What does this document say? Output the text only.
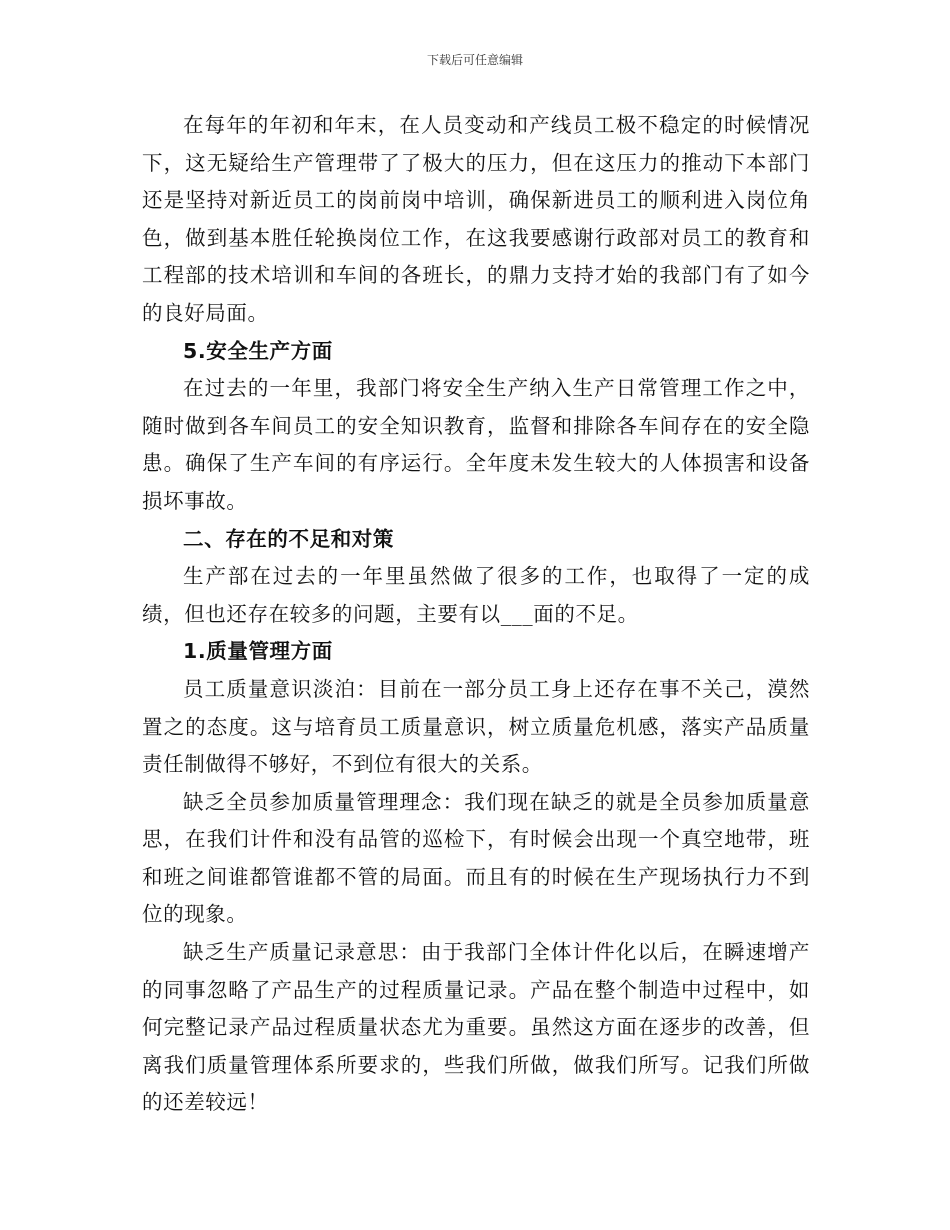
下载后可任意编辑

在每年的年初和年末，在人员变动和产线员工极不稳定的时候情况下，这无疑给生产管理带了了极大的压力，但在这压力的推动下本部门还是坚持对新近员工的岗前岗中培训，确保新进员工的顺利进入岗位角色，做到基本胜任轮换岗位工作，在这我要感谢行政部对员工的教育和工程部的技术培训和车间的各班长，的鼎力支持才始的我部门有了如今的良好局面。

5.安全生产方面

在过去的一年里，我部门将安全生产纳入生产日常管理工作之中，随时做到各车间员工的安全知识教育，监督和排除各车间存在的安全隐患。确保了生产车间的有序运行。全年度未发生较大的人体损害和设备损坏事故。

二、存在的不足和对策

生产部在过去的一年里虽然做了很多的工作，也取得了一定的成绩，但也还存在较多的问题，主要有以___面的不足。

1.质量管理方面

员工质量意识淡泊：目前在一部分员工身上还存在事不关己，漠然置之的态度。这与培育员工质量意识，树立质量危机感，落实产品质量责任制做得不够好，不到位有很大的关系。

缺乏全员参加质量管理理念：我们现在缺乏的就是全员参加质量意思，在我们计件和没有品管的巡检下，有时候会出现一个真空地带，班和班之间谁都管谁都不管的局面。而且有的时候在生产现场执行力不到位的现象。

缺乏生产质量记录意思：由于我部门全体计件化以后，在瞬速增产的同事忽略了产品生产的过程质量记录。产品在整个制造中过程中，如何完整记录产品过程质量状态尤为重要。虽然这方面在逐步的改善，但离我们质量管理体系所要求的，些我们所做，做我们所写。记我们所做的还差较远！
